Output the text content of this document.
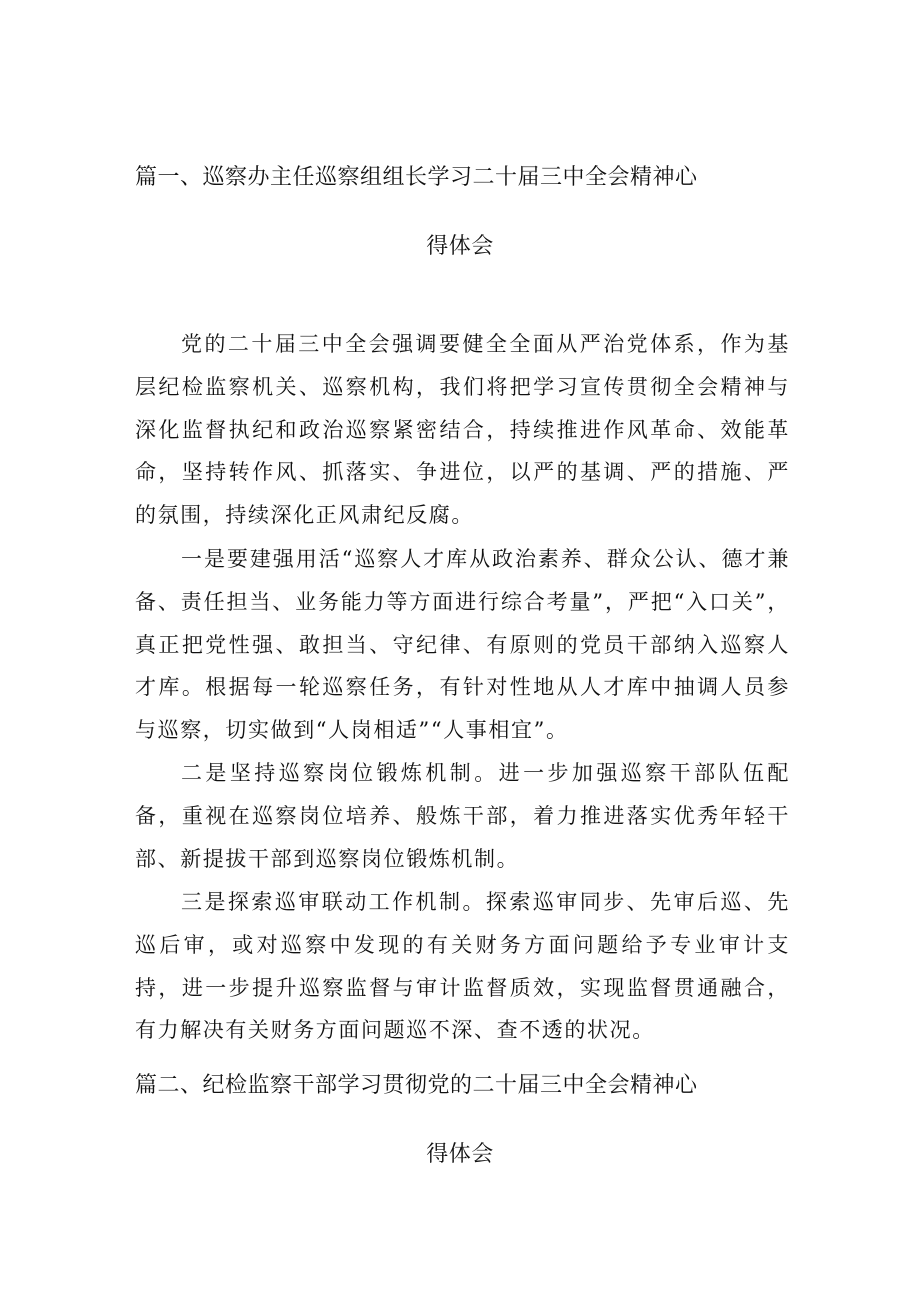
篇一、巡察办主任巡察组组长学习二十届三中全会精神心
得体会

党的二十届三中全会强调要健全全面从严治党体系，作为基层纪检监察机关、巡察机构，我们将把学习宣传贯彻全会精神与深化监督执纪和政治巡察紧密结合，持续推进作风革命、效能革命，坚持转作风、抓落实、争进位，以严的基调、严的措施、严的氛围，持续深化正风肃纪反腐。

一是要建强用活“巡察人才库从政治素养、群众公认、德才兼备、责任担当、业务能力等方面进行综合考量”，严把“入口关”，真正把党性强、敢担当、守纪律、有原则的党员干部纳入巡察人才库。根据每一轮巡察任务，有针对性地从人才库中抽调人员参与巡察，切实做到“人岗相适”“人事相宜”。

二是坚持巡察岗位锻炼机制。进一步加强巡察干部队伍配备，重视在巡察岗位培养、般炼干部，着力推进落实优秀年轻干部、新提拔干部到巡察岗位锻炼机制。

三是探索巡审联动工作机制。探索巡审同步、先审后巡、先巡后审，或对巡察中发现的有关财务方面问题给予专业审计支持，进一步提升巡察监督与审计监督质效，实现监督贯通融合，有力解决有关财务方面问题巡不深、查不透的状况。

篇二、纪检监察干部学习贯彻党的二十届三中全会精神心
得体会
